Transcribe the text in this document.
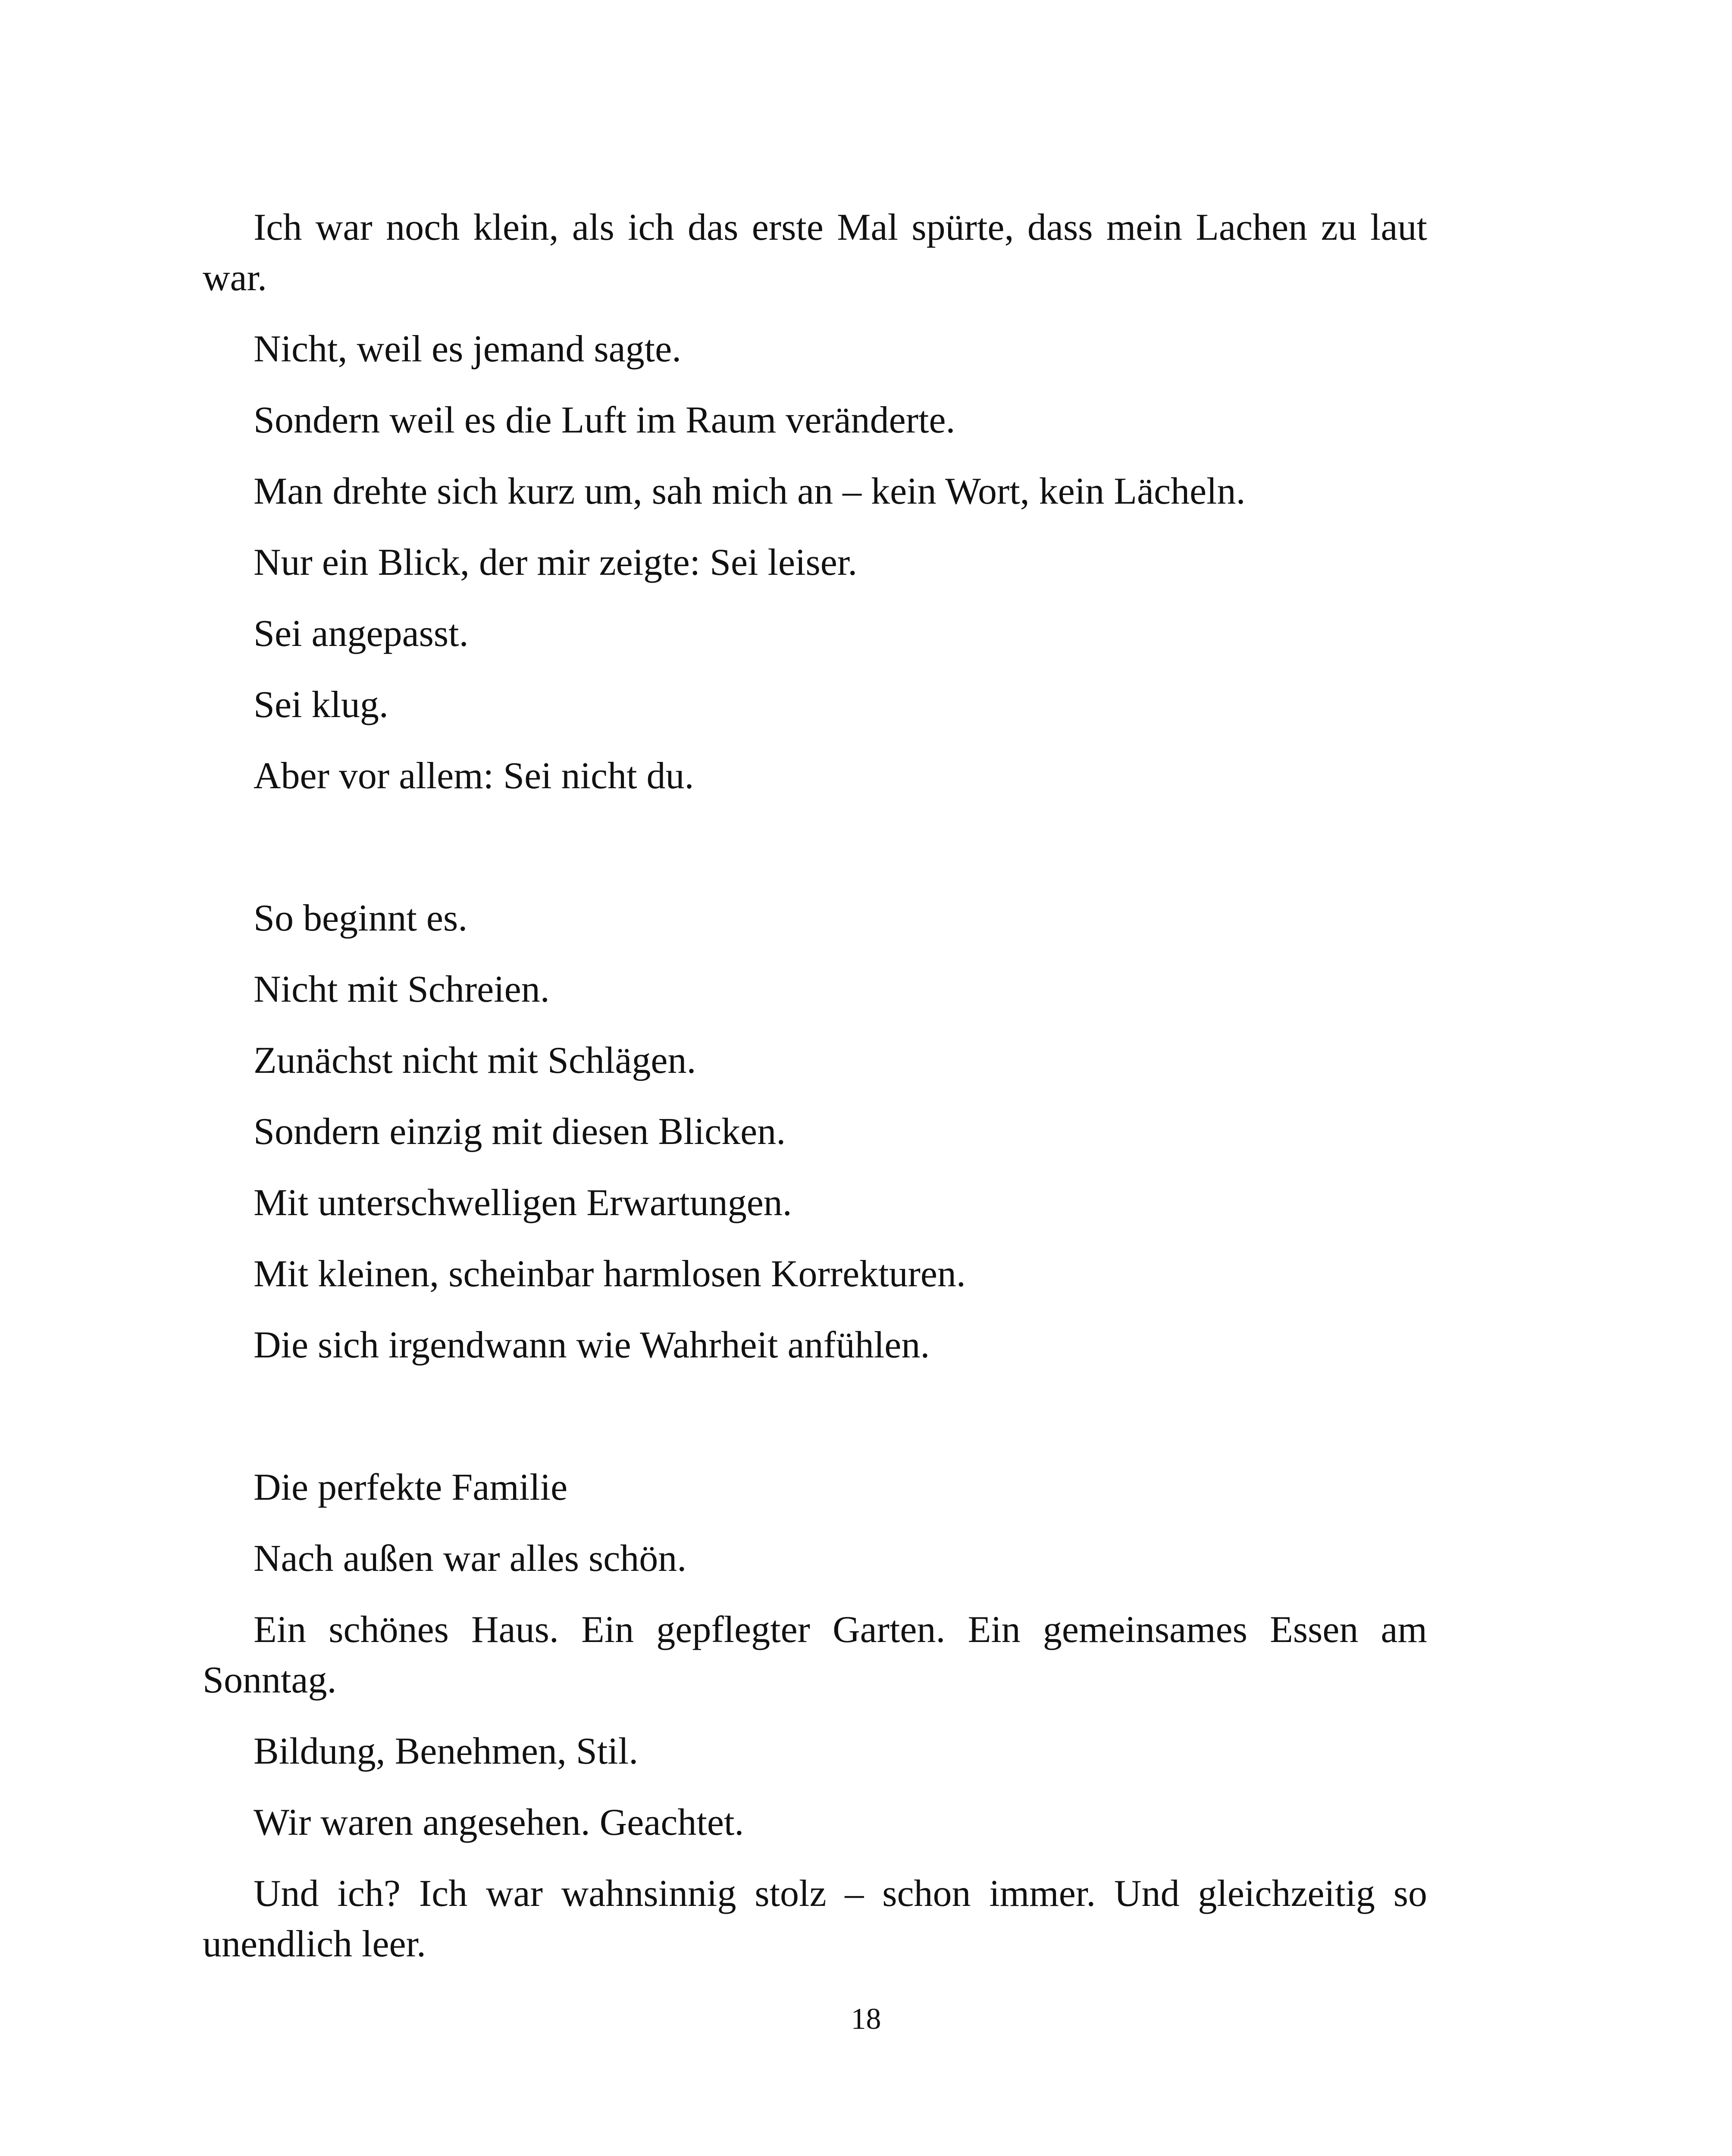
Ich war noch klein, als ich das erste Mal spürte, dass mein Lachen zu laut war.

Nicht, weil es jemand sagte.

Sondern weil es die Luft im Raum veränderte.

Man drehte sich kurz um, sah mich an – kein Wort, kein Lächeln.

Nur ein Blick, der mir zeigte: Sei leiser.

Sei angepasst.

Sei klug.

Aber vor allem: Sei nicht du.

So beginnt es.

Nicht mit Schreien.

Zunächst nicht mit Schlägen.

Sondern einzig mit diesen Blicken.

Mit unterschwelligen Erwartungen.

Mit kleinen, scheinbar harmlosen Korrekturen.

Die sich irgendwann wie Wahrheit anfühlen.

Die perfekte Familie

Nach außen war alles schön.

Ein schönes Haus. Ein gepflegter Garten. Ein gemeinsames Essen am Sonntag.

Bildung, Benehmen, Stil.

Wir waren angesehen. Geachtet.

Und ich? Ich war wahnsinnig stolz – schon immer. Und gleichzeitig so unendlich leer.

18
